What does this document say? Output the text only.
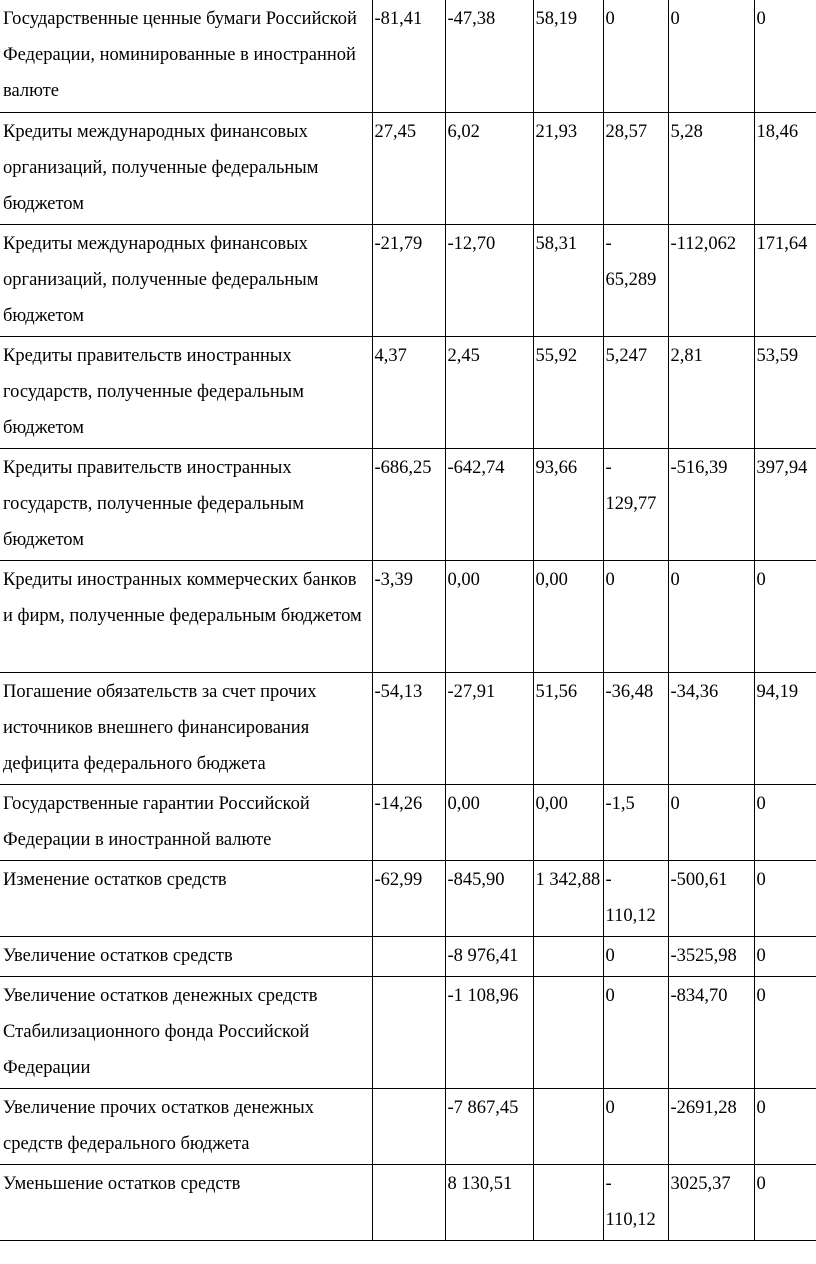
Государственные ценные бумаги Российской Федерации, номинированные в иностранной валюте	-81,41	-47,38	58,19	0	0	0
Кредиты международных финансовых организаций, полученные федеральным бюджетом	27,45	6,02	21,93	28,57	5,28	18,46
Кредиты международных финансовых организаций, полученные федеральным бюджетом	-21,79	-12,70	58,31	- 65,289	-112,062	171,64
Кредиты правительств иностранных государств, полученные федеральным бюджетом	4,37	2,45	55,92	5,247	2,81	53,59
Кредиты правительств иностранных государств, полученные федеральным бюджетом	-686,25	-642,74	93,66	- 129,77	-516,39	397,94
Кредиты иностранных коммерческих банков и фирм, полученные федеральным бюджетом	-3,39	0,00	0,00	0	0	0
Погашение обязательств за счет прочих источников внешнего финансирования дефицита федерального бюджета	-54,13	-27,91	51,56	-36,48	-34,36	94,19
Государственные гарантии Российской Федерации в иностранной валюте	-14,26	0,00	0,00	-1,5	0	0
Изменение остатков средств	-62,99	-845,90	1 342,88	- 110,12	-500,61	0
Увеличение остатков средств		-8 976,41		0	-3525,98	0
Увеличение остатков денежных средств Стабилизационного фонда Российской Федерации		-1 108,96		0	-834,70	0
Увеличение прочих остатков денежных средств федерального бюджета		-7 867,45		0	-2691,28	0
Уменьшение остатков средств		8 130,51		- 110,12	3025,37	0
